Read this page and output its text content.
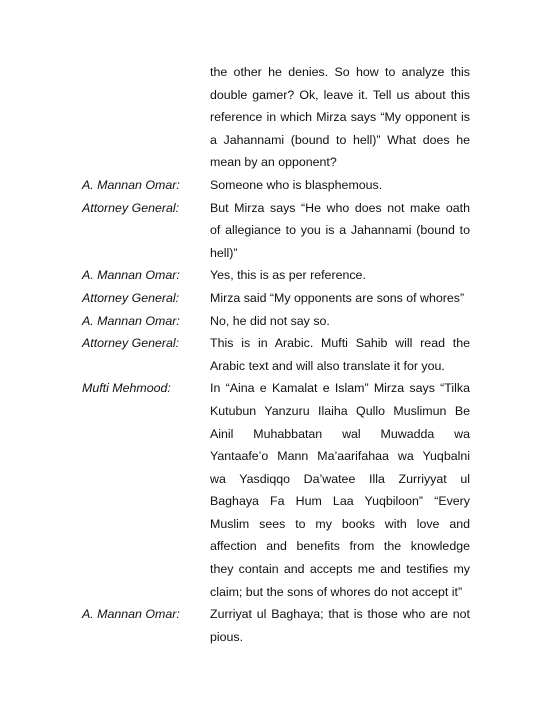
the other he denies. So how to analyze this
double gamer? Ok, leave it. Tell us about this
reference in which Mirza says “My opponent is
a Jahannami (bound to hell)” What does he
mean by an opponent?
A. Mannan Omar:	Someone who is blasphemous.
Attorney General:	But Mirza says “He who does not make oath
of allegiance to you is a Jahannami (bound to
hell)”
A. Mannan Omar:	Yes, this is as per reference.
Attorney General:	Mirza said “My opponents are sons of whores”
A. Mannan Omar:	No, he did not say so.
Attorney General:	This is in Arabic. Mufti Sahib will read the
Arabic text and will also translate it for you.
Mufti Mehmood:	In “Aina e Kamalat e Islam” Mirza says “Tilka
Kutubun Yanzuru Ilaiha Qullo Muslimun Be
Ainil Muhabbatan wal Muwadda wa
Yantaafe’o Mann Ma’aarifahaa wa Yuqbalni
wa Yasdiqqo Da’watee Illa Zurriyyat ul
Baghaya Fa Hum Laa Yuqbiloon” “Every
Muslim sees to my books with love and
affection and benefits from the knowledge
they contain and accepts me and testifies my
claim; but the sons of whores do not accept it”
A. Mannan Omar:	Zurriyat ul Baghaya; that is those who are not
pious.
